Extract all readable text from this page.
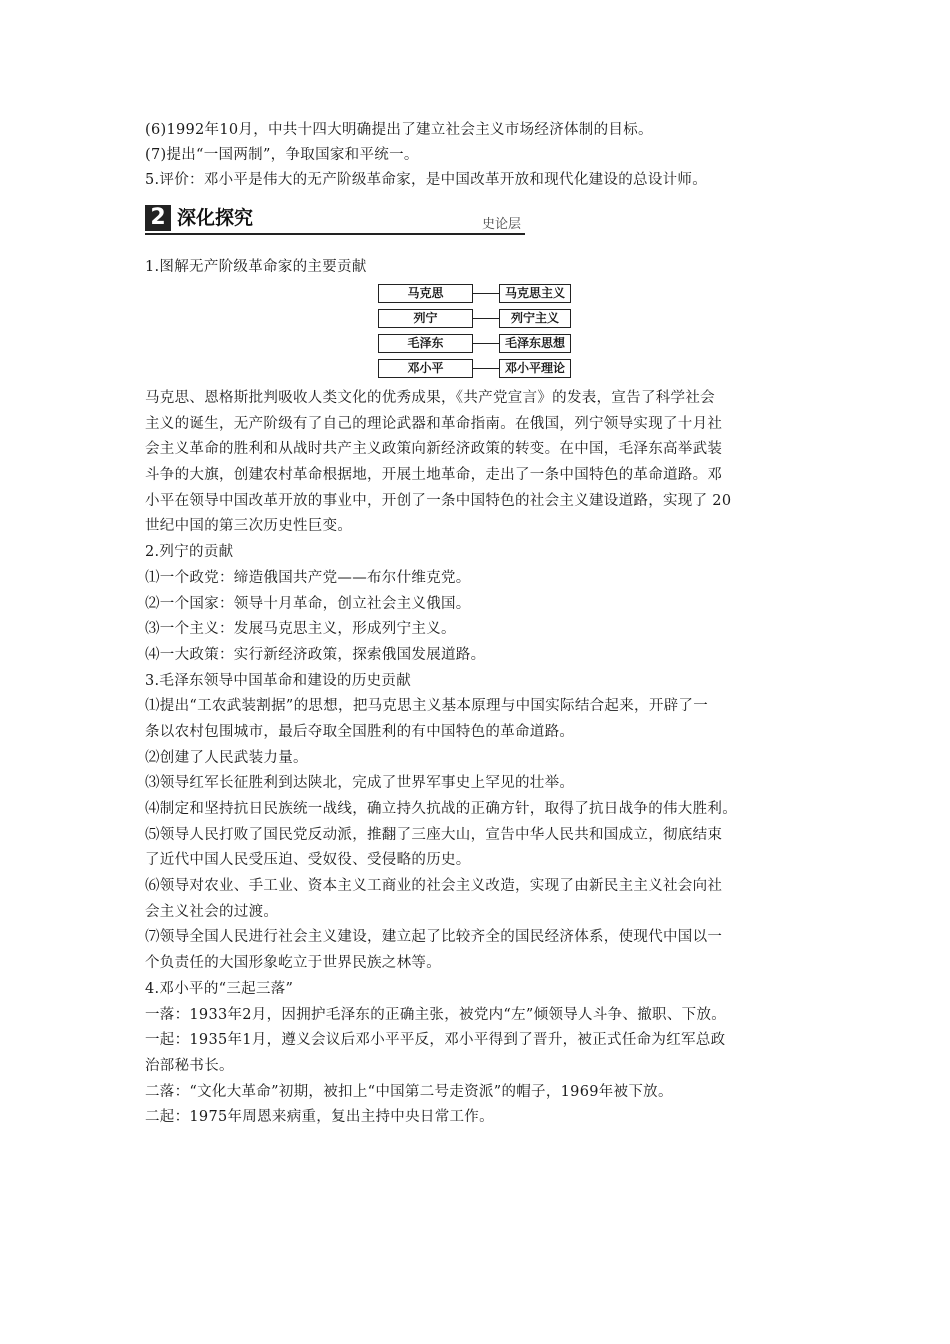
(6)1992年10月，中共十四大明确提出了建立社会主义市场经济体制的目标。
(7)提出“一国两制”，争取国家和平统一。
5.评价：邓小平是伟大的无产阶级革命家，是中国改革开放和现代化建设的总设计师。
2 深化探究	史论层
1.图解无产阶级革命家的主要贡献
马克思	马克思主义
列宁	列宁主义
毛泽东	毛泽东思想
邓小平	邓小平理论
马克思、恩格斯批判吸收人类文化的优秀成果，《共产党宣言》的发表，宣告了科学社会
主义的诞生，无产阶级有了自己的理论武器和革命指南。在俄国，列宁领导实现了十月社
会主义革命的胜利和从战时共产主义政策向新经济政策的转变。在中国，毛泽东高举武装
斗争的大旗，创建农村革命根据地，开展土地革命，走出了一条中国特色的革命道路。邓
小平在领导中国改革开放的事业中，开创了一条中国特色的社会主义建设道路，实现了 20
世纪中国的第三次历史性巨变。
2.列宁的贡献
⑴一个政党：缔造俄国共产党——布尔什维克党。
⑵一个国家：领导十月革命，创立社会主义俄国。
⑶一个主义：发展马克思主义，形成列宁主义。
⑷一大政策：实行新经济政策，探索俄国发展道路。
3.毛泽东领导中国革命和建设的历史贡献
⑴提出“工农武装割据”的思想，把马克思主义基本原理与中国实际结合起来，开辟了一
条以农村包围城市，最后夺取全国胜利的有中国特色的革命道路。
⑵创建了人民武装力量。
⑶领导红军长征胜利到达陕北，完成了世界军事史上罕见的壮举。
⑷制定和坚持抗日民族统一战线，确立持久抗战的正确方针，取得了抗日战争的伟大胜利。
⑸领导人民打败了国民党反动派，推翻了三座大山，宣告中华人民共和国成立，彻底结束
了近代中国人民受压迫、受奴役、受侵略的历史。
⑹领导对农业、手工业、资本主义工商业的社会主义改造，实现了由新民主主义社会向社
会主义社会的过渡。
⑺领导全国人民进行社会主义建设，建立起了比较齐全的国民经济体系，使现代中国以一
个负责任的大国形象屹立于世界民族之林等。
4.邓小平的“三起三落”
一落：1933年2月，因拥护毛泽东的正确主张，被党内“左”倾领导人斗争、撤职、下放。
一起：1935年1月，遵义会议后邓小平平反，邓小平得到了晋升，被正式任命为红军总政
治部秘书长。
二落：“文化大革命”初期，被扣上“中国第二号走资派”的帽子，1969年被下放。
二起：1975年周恩来病重，复出主持中央日常工作。
